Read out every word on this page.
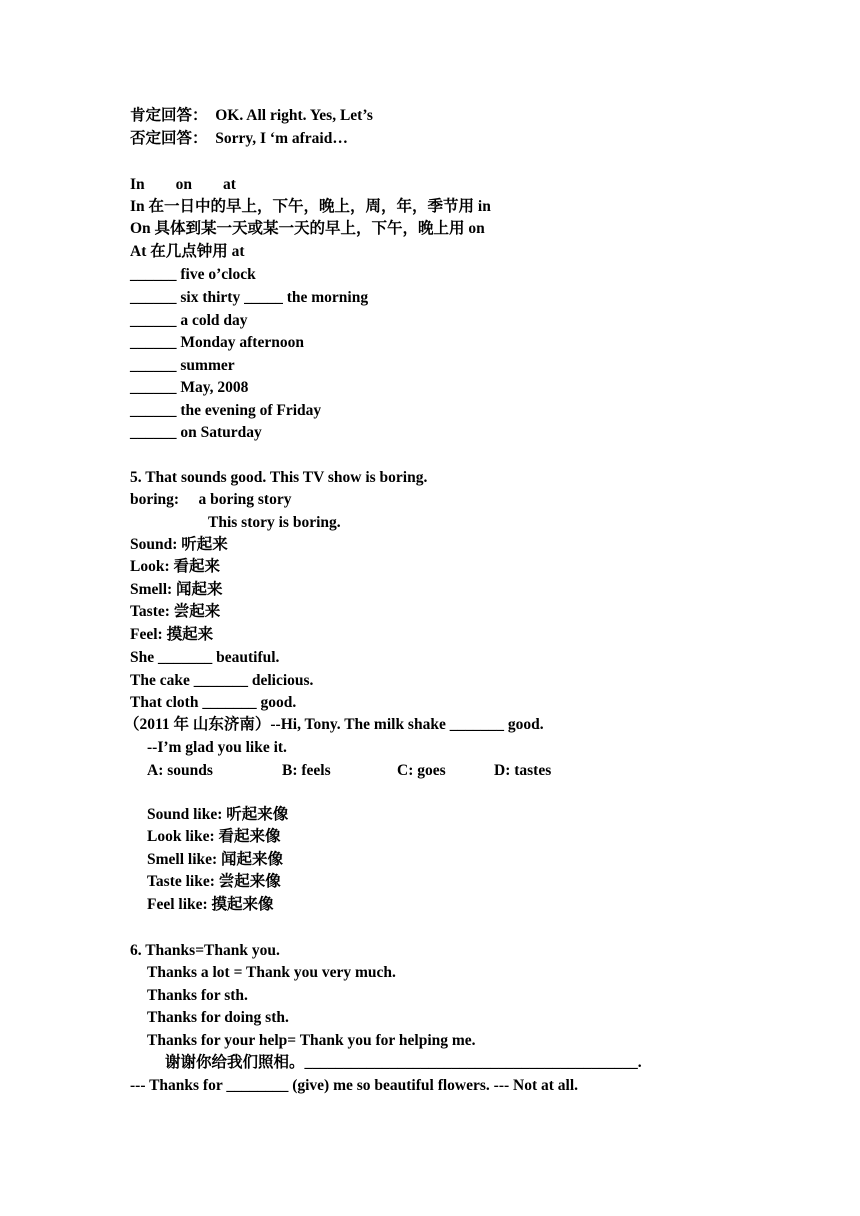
肯定回答：　OK. All right. Yes, Let’s
否定回答：　Sorry, I ‘m afraid…
In　　on　　at
In 在一日中的早上，下午，晚上，周，年，季节用 in
On 具体到某一天或某一天的早上，下午，晚上用 on
At 在几点钟用 at
______ five o’clock
______ six thirty _____ the morning
______ a cold day
______ Monday afternoon
______ summer
______ May, 2008
______ the evening of Friday
______ on Saturday
5. That sounds good. This TV show is boring.
boring:　 a boring story
This story is boring.
Sound: 听起来
Look: 看起来
Smell: 闻起来
Taste: 尝起来
Feel: 摸起来
She _______ beautiful.
The cake _______ delicious.
That cloth _______ good.
（2011 年 山东济南）--Hi, Tony. The milk shake _______ good.
--I’m glad you like it.
A: sounds	B: feels	C: goes	D: tastes
Sound like: 听起来像
Look like: 看起来像
Smell like: 闻起来像
Taste like: 尝起来像
Feel like: 摸起来像
6. Thanks=Thank you.
Thanks a lot = Thank you very much.
Thanks for sth.
Thanks for doing sth.
Thanks for your help= Thank you for helping me.
谢谢你给我们照相。___________________________________________.
--- Thanks for ________ (give) me so beautiful flowers. --- Not at all.
